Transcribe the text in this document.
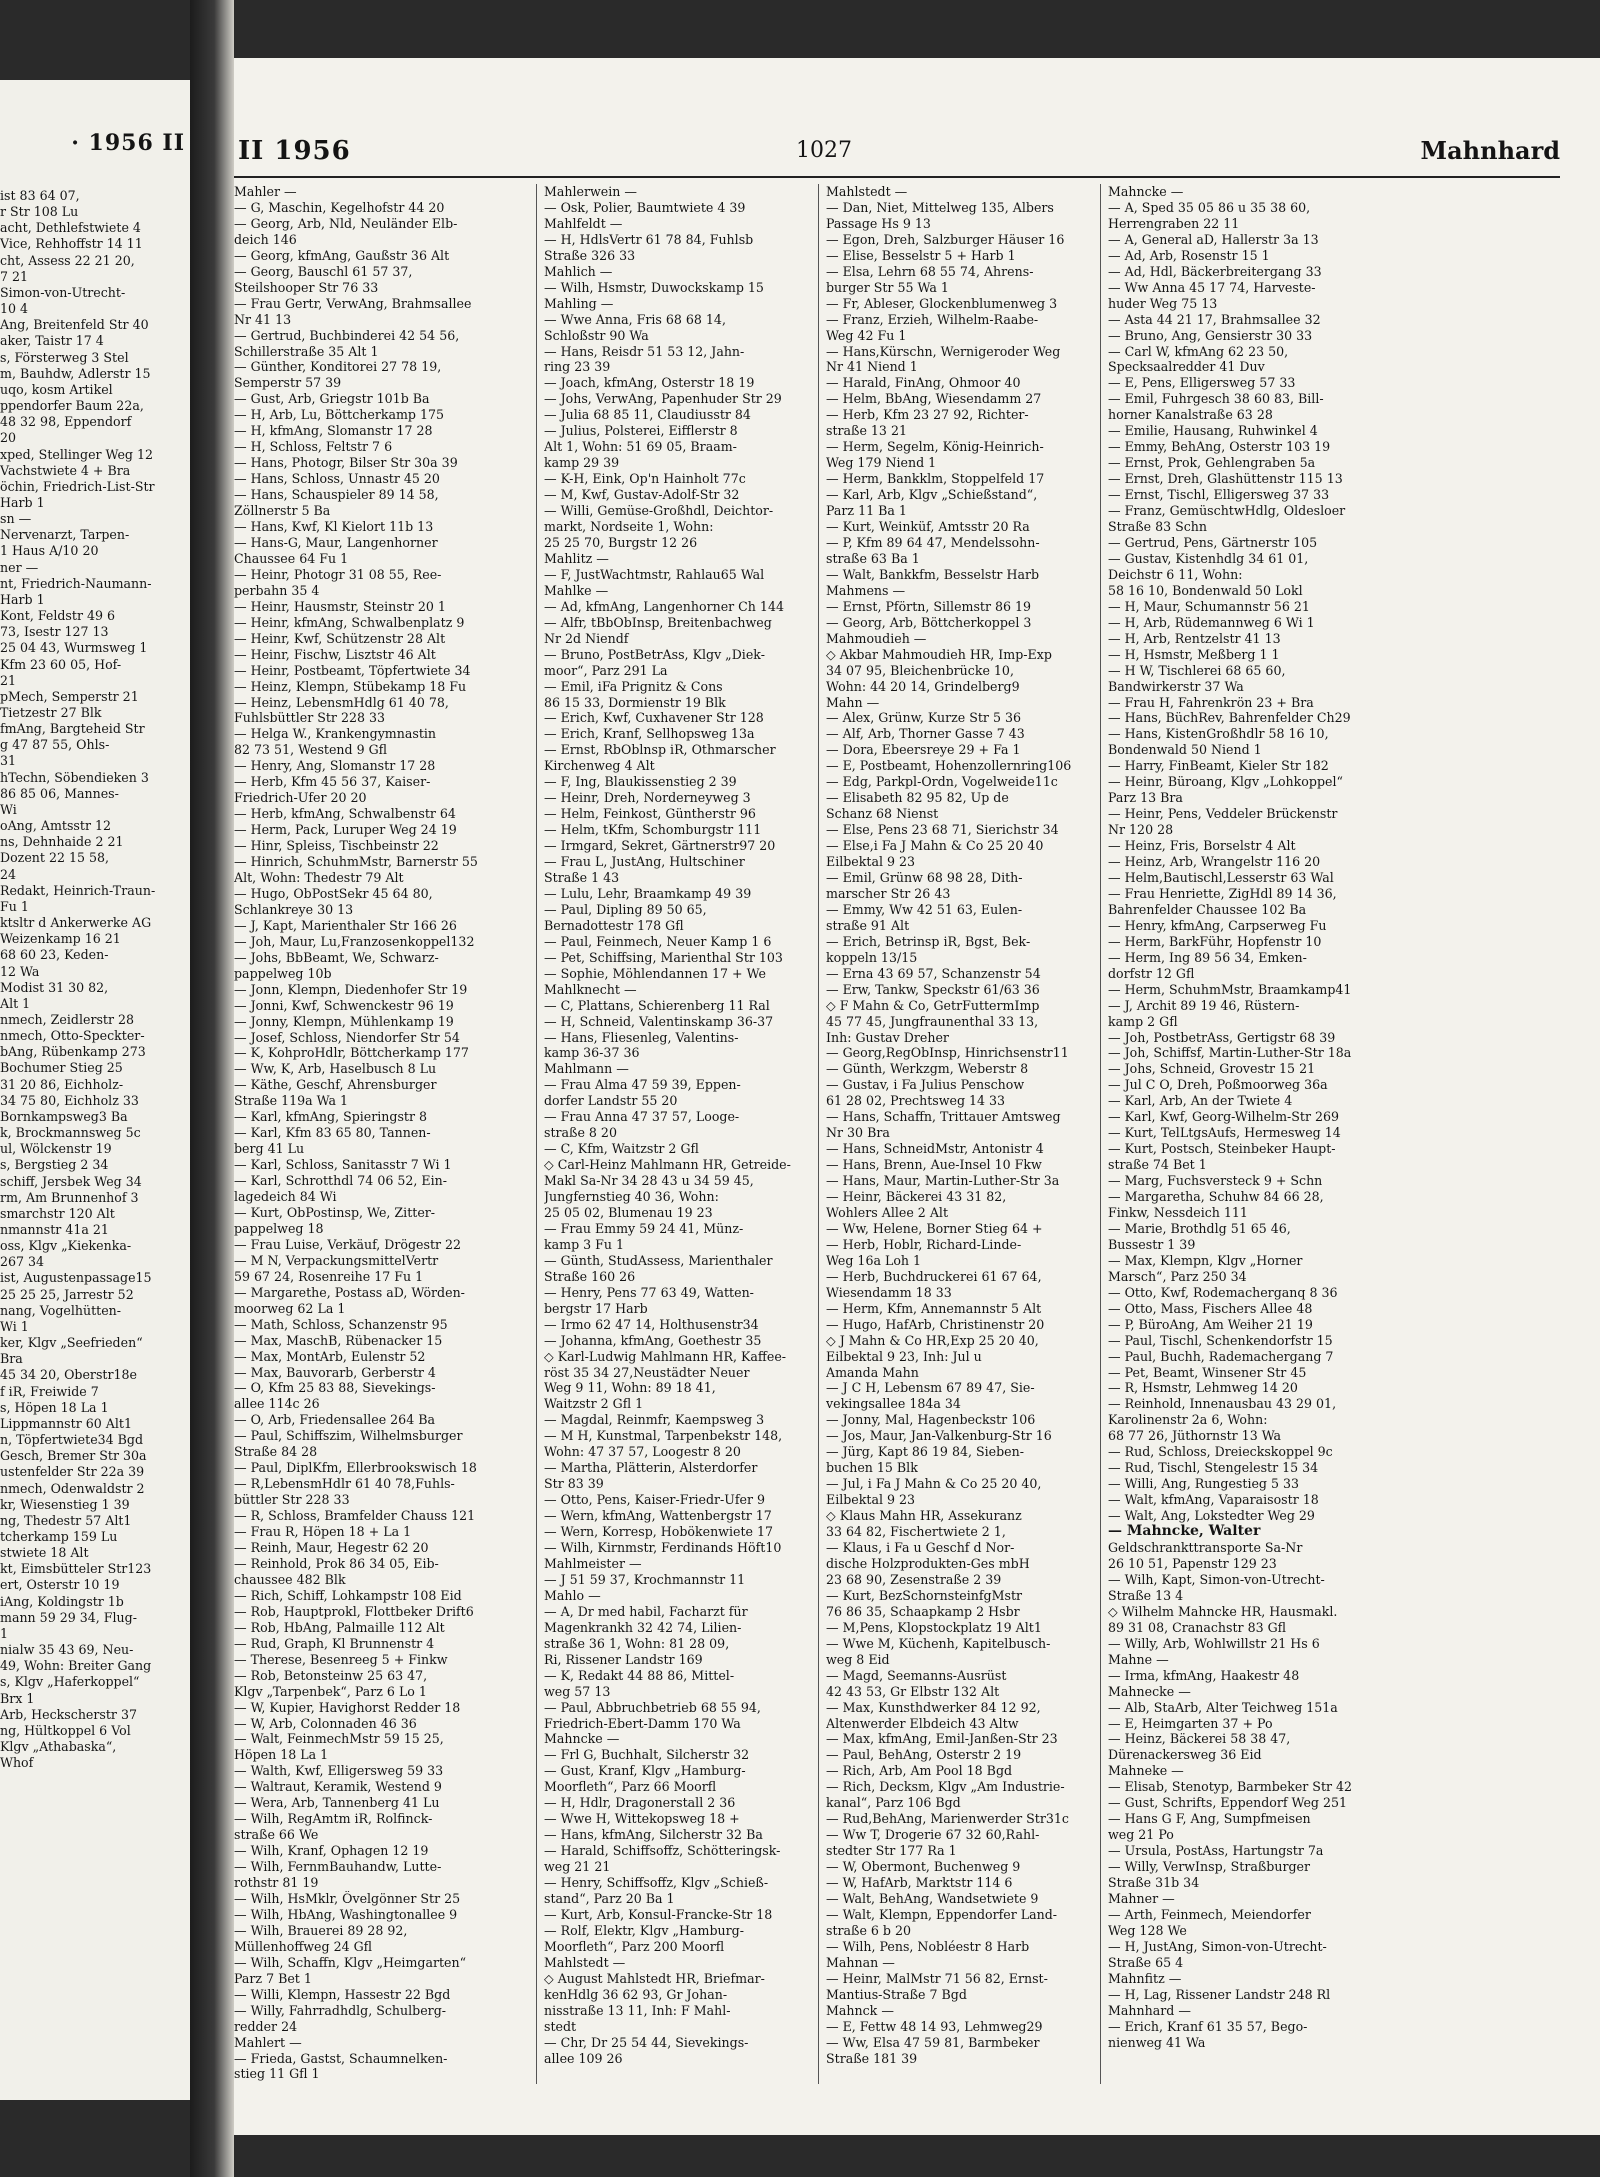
· 1956 II
ist 83 64 07,
r Str 108 Lu
acht, Dethlefstwiete 4
Vice, Rehhoffstr 14 11
cht, Assess 22 21 20,
7 21
Simon-von-Utrecht-
10 4
Ang, Breitenfeld Str 40
aker, Taistr 17 4
s, Försterweg 3 Stel
m, Bauhdw, Adlerstr 15
uqo, kosm Artikel
ppendorfer Baum 22a,
48 32 98, Eppendorf
20
xped, Stellinger Weg 12
Vachstwiete 4 + Bra
öchin, Friedrich-List-Str
Harb 1
sn —
Nervenarzt, Tarpen-
1 Haus A/10 20
ner —
nt, Friedrich-Naumann-
Harb 1
Kont, Feldstr 49 6
73, Isestr 127 13
25 04 43, Wurmsweg 1
Kfm 23 60 05, Hof-
21
pMech, Semperstr 21
Tietzestr 27 Blk
fmAng, Bargteheid Str
g 47 87 55, Ohls-
31
hTechn, Söbendieken 3
86 85 06, Mannes-
Wi
oAng, Amtsstr 12
ns, Dehnhaide 2 21
Dozent 22 15 58,
24
Redakt, Heinrich-Traun-
Fu 1
ktsltr d Ankerwerke AG
Weizenkamp 16 21
68 60 23, Keden-
12 Wa
Modist 31 30 82,
Alt 1
nmech, Zeidlerstr 28
nmech, Otto-Speckter-
bAng, Rübenkamp 273
Bochumer Stieg 25
31 20 86, Eichholz-
34 75 80, Eichholz 33
Bornkampsweg3 Ba
k, Brockmannsweg 5c
ul, Wölckenstr 19
s, Bergstieg 2 34
schiff, Jersbek Weg 34
rm, Am Brunnenhof 3
smarchstr 120 Alt
nmannstr 41a 21
oss, Klgv „Kiekenka-
267 34
ist, Augustenpassage15
25 25 25, Jarrestr 52
nang, Vogelhütten-
Wi 1
ker, Klgv „Seefrieden“
Bra
45 34 20, Oberstr18e
f iR, Freiwide 7
s, Höpen 18 La 1
Lippmannstr 60 Alt1
n, Töpfertwiete34 Bgd
Gesch, Bremer Str 30a
ustenfelder Str 22a 39
nmech, Odenwaldstr 2
kr, Wiesenstieg 1 39
ng, Thedestr 57 Alt1
tcherkamp 159 Lu
stwiete 18 Alt
kt, Eimsbütteler Str123
ert, Osterstr 10 19
iAng, Koldingstr 1b
mann 59 29 34, Flug-
1
nialw 35 43 69, Neu-
49, Wohn: Breiter Gang
s, Klgv „Haferkoppel“
Brx 1
Arb, Heckscherstr 37
ng, Hültkoppel 6 Vol
Klgv „Athabaska“,
Whof
II 1956	1027	Mahnhard
Mahler —
— G, Maschin, Kegelhofstr 44 20
— Georg, Arb, Nld, Neuländer Elb-
deich 146
— Georg, kfmAng, Gaußstr 36 Alt
— Georg, Bauschl 61 57 37,
Steilshooper Str 76 33
— Frau Gertr, VerwAng, Brahmsallee
Nr 41 13
— Gertrud, Buchbinderei 42 54 56,
Schillerstraße 35 Alt 1
— Günther, Konditorei 27 78 19,
Semperstr 57 39
— Gust, Arb, Griegstr 101b Ba
— H, Arb, Lu, Böttcherkamp 175
— H, kfmAng, Slomanstr 17 28
— H, Schloss, Feltstr 7 6
— Hans, Photogr, Bilser Str 30a 39
— Hans, Schloss, Unnastr 45 20
— Hans, Schauspieler 89 14 58,
Zöllnerstr 5 Ba
— Hans, Kwf, Kl Kielort 11b 13
— Hans-G, Maur, Langenhorner
Chaussee 64 Fu 1
— Heinr, Photogr 31 08 55, Ree-
perbahn 35 4
— Heinr, Hausmstr, Steinstr 20 1
— Heinr, kfmAng, Schwalbenplatz 9
— Heinr, Kwf, Schützenstr 28 Alt
— Heinr, Fischw, Lisztstr 46 Alt
— Heinr, Postbeamt, Töpfertwiete 34
— Heinz, Klempn, Stübekamp 18 Fu
— Heinz, LebensmHdlg 61 40 78,
Fuhlsbüttler Str 228 33
— Helga W., Krankengymnastin
82 73 51, Westend 9 Gfl
— Henry, Ang, Slomanstr 17 28
— Herb, Kfm 45 56 37, Kaiser-
Friedrich-Ufer 20 20
— Herb, kfmAng, Schwalbenstr 64
— Herm, Pack, Luruper Weg 24 19
— Hinr, Spleiss, Tischbeinstr 22
— Hinrich, SchuhmMstr, Barnerstr 55
Alt, Wohn: Thedestr 79 Alt
— Hugo, ObPostSekr 45 64 80,
Schlankreye 30 13
— J, Kapt, Marienthaler Str 166 26
— Joh, Maur, Lu,Franzosenkoppel132
— Johs, BbBeamt, We, Schwarz-
pappelweg 10b
— Jonn, Klempn, Diedenhofer Str 19
— Jonni, Kwf, Schwenckestr 96 19
— Jonny, Klempn, Mühlenkamp 19
— Josef, Schloss, Niendorfer Str 54
— K, KohproHdlr, Böttcherkamp 177
— Ww, K, Arb, Haselbusch 8 Lu
— Käthe, Geschf, Ahrensburger
Straße 119a Wa 1
— Karl, kfmAng, Spieringstr 8
— Karl, Kfm 83 65 80, Tannen-
berg 41 Lu
— Karl, Schloss, Sanitasstr 7 Wi 1
— Karl, Schrotthdl 74 06 52, Ein-
lagedeich 84 Wi
— Kurt, ObPostinsp, We, Zitter-
pappelweg 18
— Frau Luise, Verkäuf, Drögestr 22
— M N, VerpackungsmittelVertr
59 67 24, Rosenreihe 17 Fu 1
— Margarethe, Postass aD, Wörden-
moorweg 62 La 1
— Math, Schloss, Schanzenstr 95
— Max, MaschB, Rübenacker 15
— Max, MontArb, Eulenstr 52
— Max, Bauvorarb, Gerberstr 4
— O, Kfm 25 83 88, Sievekings-
allee 114c 26
— O, Arb, Friedensallee 264 Ba
— Paul, Schiffszim, Wilhelmsburger
Straße 84 28
— Paul, DiplKfm, Ellerbrookswisch 18
— R,LebensmHdlr 61 40 78,Fuhls-
büttler Str 228 33
— R, Schloss, Bramfelder Chauss 121
— Frau R, Höpen 18 + La 1
— Reinh, Maur, Hegestr 62 20
— Reinhold, Prok 86 34 05, Eib-
chaussee 482 Blk
— Rich, Schiff, Lohkampstr 108 Eid
— Rob, Hauptprokl, Flottbeker Drift6
— Rob, HbAng, Palmaille 112 Alt
— Rud, Graph, Kl Brunnenstr 4
— Therese, Besenreeg 5 + Finkw
— Rob, Betonsteinw 25 63 47,
Klgv „Tarpenbek“, Parz 6 Lo 1
— W, Kupier, Havighorst Redder 18
— W, Arb, Colonnaden 46 36
— Walt, FeinmechMstr 59 15 25,
Höpen 18 La 1
— Walth, Kwf, Elligersweg 59 33
— Waltraut, Keramik, Westend 9
— Wera, Arb, Tannenberg 41 Lu
— Wilh, RegAmtm iR, Rolfinck-
straße 66 We
— Wilh, Kranf, Ophagen 12 19
— Wilh, FernmBauhandw, Lutte-
rothstr 81 19
— Wilh, HsMklr, Övelgönner Str 25
— Wilh, HbAng, Washingtonallee 9
— Wilh, Brauerei 89 28 92,
Müllenhoffweg 24 Gfl
— Wilh, Schaffn, Klgv „Heimgarten“
Parz 7 Bet 1
— Willi, Klempn, Hassestr 22 Bgd
— Willy, Fahrradhdlg, Schulberg-
redder 24
Mahlert —
— Frieda, Gastst, Schaumnelken-
stieg 11 Gfl 1
Mahlerwein —
— Osk, Polier, Baumtwiete 4 39
Mahlfeldt —
— H, HdlsVertr 61 78 84, Fuhlsb
Straße 326 33
Mahlich —
— Wilh, Hsmstr, Duwockskamp 15
Mahling —
— Wwe Anna, Fris 68 68 14,
Schloßstr 90 Wa
— Hans, Reisdr 51 53 12, Jahn-
ring 23 39
— Joach, kfmAng, Osterstr 18 19
— Johs, VerwAng, Papenhuder Str 29
— Julia 68 85 11, Claudiusstr 84
— Julius, Polsterei, Eifflerstr 8
Alt 1, Wohn: 51 69 05, Braam-
kamp 29 39
— K-H, Eink, Op'n Hainholt 77c
— M, Kwf, Gustav-Adolf-Str 32
— Willi, Gemüse-Großhdl, Deichtor-
markt, Nordseite 1, Wohn:
25 25 70, Burgstr 12 26
Mahlitz —
— F, JustWachtmstr, Rahlau65 Wal
Mahlke —
— Ad, kfmAng, Langenhorner Ch 144
— Alfr, tBbObInsp, Breitenbachweg
Nr 2d Niendf
— Bruno, PostBetrAss, Klgv „Diek-
moor“, Parz 291 La
— Emil, iFa Prignitz & Cons
86 15 33, Dormienstr 19 Blk
— Erich, Kwf, Cuxhavener Str 128
— Erich, Kranf, Sellhopsweg 13a
— Ernst, RbOblnsp iR, Othmarscher
Kirchenweg 4 Alt
— F, Ing, Blaukissenstieg 2 39
— Heinr, Dreh, Norderneyweg 3
— Helm, Feinkost, Güntherstr 96
— Helm, tKfm, Schomburgstr 111
— Irmgard, Sekret, Gärtnerstr97 20
— Frau L, JustAng, Hultschiner
Straße 1 43
— Lulu, Lehr, Braamkamp 49 39
— Paul, Dipling 89 50 65,
Bernadottestr 178 Gfl
— Paul, Feinmech, Neuer Kamp 1 6
— Pet, Schiffsing, Marienthal Str 103
— Sophie, Möhlendannen 17 + We
Mahlknecht —
— C, Plattans, Schierenberg 11 Ral
— H, Schneid, Valentinskamp 36-37
— Hans, Fliesenleg, Valentins-
kamp 36-37 36
Mahlmann —
— Frau Alma 47 59 39, Eppen-
dorfer Landstr 55 20
— Frau Anna 47 37 57, Looge-
straße 8 20
— C, Kfm, Waitzstr 2 Gfl
◇ Carl-Heinz Mahlmann HR, Getreide-
Makl Sa-Nr 34 28 43 u 34 59 45,
Jungfernstieg 40 36, Wohn:
25 05 02, Blumenau 19 23
— Frau Emmy 59 24 41, Münz-
kamp 3 Fu 1
— Günth, StudAssess, Marienthaler
Straße 160 26
— Henry, Pens 77 63 49, Watten-
bergstr 17 Harb
— Irmo 62 47 14, Holthusenstr34
— Johanna, kfmAng, Goethestr 35
◇ Karl-Ludwig Mahlmann HR, Kaffee-
röst 35 34 27,Neustädter Neuer
Weg 9 11, Wohn: 89 18 41,
Waitzstr 2 Gfl 1
— Magdal, Reinmfr, Kaempsweg 3
— M H, Kunstmal, Tarpenbekstr 148,
Wohn: 47 37 57, Loogestr 8 20
— Martha, Plätterin, Alsterdorfer
Str 83 39
— Otto, Pens, Kaiser-Friedr-Ufer 9
— Wern, kfmAng, Wattenbergstr 17
— Wern, Korresp, Hobökenwiete 17
— Wilh, Kirnmstr, Ferdinands Höft10
Mahlmeister —
— J 51 59 37, Krochmannstr 11
Mahlo —
— A, Dr med habil, Facharzt für
Magenkrankh 32 42 74, Lilien-
straße 36 1, Wohn: 81 28 09,
Ri, Rissener Landstr 169
— K, Redakt 44 88 86, Mittel-
weg 57 13
— Paul, Abbruchbetrieb 68 55 94,
Friedrich-Ebert-Damm 170 Wa
Mahncke —
— Frl G, Buchhalt, Silcherstr 32
— Gust, Kranf, Klgv „Hamburg-
Moorfleth“, Parz 66 Moorfl
— H, Hdlr, Dragonerstall 2 36
— Wwe H, Wittekopsweg 18 +
— Hans, kfmAng, Silcherstr 32 Ba
— Harald, Schiffsoffz, Schötteringsk-
weg 21 21
— Henry, Schiffsoffz, Klgv „Schieß-
stand“, Parz 20 Ba 1
— Kurt, Arb, Konsul-Francke-Str 18
— Rolf, Elektr, Klgv „Hamburg-
Moorfleth“, Parz 200 Moorfl
Mahlstedt —
◇ August Mahlstedt HR, Briefmar-
kenHdlg 36 62 93, Gr Johan-
nisstraße 13 11, Inh: F Mahl-
stedt
— Chr, Dr 25 54 44, Sievekings-
allee 109 26
Mahlstedt —
— Dan, Niet, Mittelweg 135, Albers
Passage Hs 9 13
— Egon, Dreh, Salzburger Häuser 16
— Elise, Besselstr 5 + Harb 1
— Elsa, Lehrn 68 55 74, Ahrens-
burger Str 55 Wa 1
— Fr, Ableser, Glockenblumenweg 3
— Franz, Erzieh, Wilhelm-Raabe-
Weg 42 Fu 1
— Hans,Kürschn, Wernigeroder Weg
Nr 41 Niend 1
— Harald, FinAng, Ohmoor 40
— Helm, BbAng, Wiesendamm 27
— Herb, Kfm 23 27 92, Richter-
straße 13 21
— Herm, Segelm, König-Heinrich-
Weg 179 Niend 1
— Herm, Bankklm, Stoppelfeld 17
— Karl, Arb, Klgv „Schießstand“,
Parz 11 Ba 1
— Kurt, Weinküf, Amtsstr 20 Ra
— P, Kfm 89 64 47, Mendelssohn-
straße 63 Ba 1
— Walt, Bankkfm, Besselstr Harb
Mahmens —
— Ernst, Pförtn, Sillemstr 86 19
— Georg, Arb, Böttcherkoppel 3
Mahmoudieh —
◇ Akbar Mahmoudieh HR, Imp-Exp
34 07 95, Bleichenbrücke 10,
Wohn: 44 20 14, Grindelberg9
Mahn —
— Alex, Grünw, Kurze Str 5 36
— Alf, Arb, Thorner Gasse 7 43
— Dora, Ebeersreye 29 + Fa 1
— E, Postbeamt, Hohenzollernring106
— Edg, Parkpl-Ordn, Vogelweide11c
— Elisabeth 82 95 82, Up de
Schanz 68 Nienst
— Else, Pens 23 68 71, Sierichstr 34
— Else,i Fa J Mahn & Co 25 20 40
Eilbektal 9 23
— Emil, Grünw 68 98 28, Dith-
marscher Str 26 43
— Emmy, Ww 42 51 63, Eulen-
straße 91 Alt
— Erich, Betrinsp iR, Bgst, Bek-
koppeln 13/15
— Erna 43 69 57, Schanzenstr 54
— Erw, Tankw, Speckstr 61/63 36
◇ F Mahn & Co, GetrFuttermImp
45 77 45, Jungfraunenthal 33 13,
Inh: Gustav Dreher
— Georg,RegObInsp, Hinrichsenstr11
— Günth, Werkzgm, Weberstr 8
— Gustav, i Fa Julius Penschow
61 28 02, Prechtsweg 14 33
— Hans, Schaffn, Trittauer Amtsweg
Nr 30 Bra
— Hans, SchneidMstr, Antonistr 4
— Hans, Brenn, Aue-Insel 10 Fkw
— Hans, Maur, Martin-Luther-Str 3a
— Heinr, Bäckerei 43 31 82,
Wohlers Allee 2 Alt
— Ww, Helene, Borner Stieg 64 +
— Herb, Hoblr, Richard-Linde-
Weg 16a Loh 1
— Herb, Buchdruckerei 61 67 64,
Wiesendamm 18 33
— Herm, Kfm, Annemannstr 5 Alt
— Hugo, HafArb, Christinenstr 20
◇ J Mahn & Co HR,Exp 25 20 40,
Eilbektal 9 23, Inh: Jul u
Amanda Mahn
— J C H, Lebensm 67 89 47, Sie-
vekingsallee 184a 34
— Jonny, Mal, Hagenbeckstr 106
— Jos, Maur, Jan-Valkenburg-Str 16
— Jürg, Kapt 86 19 84, Sieben-
buchen 15 Blk
— Jul, i Fa J Mahn & Co 25 20 40,
Eilbektal 9 23
◇ Klaus Mahn HR, Assekuranz
33 64 82, Fischertwiete 2 1,
— Klaus, i Fa u Geschf d Nor-
dische Holzprodukten-Ges mbH
23 68 90, Zesenstraße 2 39
— Kurt, BezSchornsteinfgMstr
76 86 35, Schaapkamp 2 Hsbr
— M,Pens, Klopstockplatz 19 Alt1
— Wwe M, Küchenh, Kapitelbusch-
weg 8 Eid
— Magd, Seemanns-Ausrüst
42 43 53, Gr Elbstr 132 Alt
— Max, Kunsthdwerker 84 12 92,
Altenwerder Elbdeich 43 Altw
— Max, kfmAng, Emil-Janßen-Str 23
— Paul, BehAng, Osterstr 2 19
— Rich, Arb, Am Pool 18 Bgd
— Rich, Decksm, Klgv „Am Industrie-
kanal“, Parz 106 Bgd
— Rud,BehAng, Marienwerder Str31c
— Ww T, Drogerie 67 32 60,Rahl-
stedter Str 177 Ra 1
— W, Obermont, Buchenweg 9
— W, HafArb, Marktstr 114 6
— Walt, BehAng, Wandsetwiete 9
— Walt, Klempn, Eppendorfer Land-
straße 6 b 20
— Wilh, Pens, Nobléestr 8 Harb
Mahnan —
— Heinr, MalMstr 71 56 82, Ernst-
Mantius-Straße 7 Bgd
Mahnck —
— E, Fettw 48 14 93, Lehmweg29
— Ww, Elsa 47 59 81, Barmbeker
Straße 181 39
Mahncke —
— A, Sped 35 05 86 u 35 38 60,
Herrengraben 22 11
— A, General aD, Hallerstr 3a 13
— Ad, Arb, Rosenstr 15 1
— Ad, Hdl, Bäckerbreitergang 33
— Ww Anna 45 17 74, Harveste-
huder Weg 75 13
— Asta 44 21 17, Brahmsallee 32
— Bruno, Ang, Gensierstr 30 33
— Carl W, kfmAng 62 23 50,
Specksaalredder 41 Duv
— E, Pens, Elligersweg 57 33
— Emil, Fuhrgesch 38 60 83, Bill-
horner Kanalstraße 63 28
— Emilie, Hausang, Ruhwinkel 4
— Emmy, BehAng, Osterstr 103 19
— Ernst, Prok, Gehlengraben 5a
— Ernst, Dreh, Glashüttenstr 115 13
— Ernst, Tischl, Elligersweg 37 33
— Franz, GemüschtwHdlg, Oldesloer
Straße 83 Schn
— Gertrud, Pens, Gärtnerstr 105
— Gustav, Kistenhdlg 34 61 01,
Deichstr 6 11, Wohn:
58 16 10, Bondenwald 50 Lokl
— H, Maur, Schumannstr 56 21
— H, Arb, Rüdemannweg 6 Wi 1
— H, Arb, Rentzelstr 41 13
— H, Hsmstr, Meßberg 1 1
— H W, Tischlerei 68 65 60,
Bandwirkerstr 37 Wa
— Frau H, Fahrenkrön 23 + Bra
— Hans, BüchRev, Bahrenfelder Ch29
— Hans, KistenGroßhdlr 58 16 10,
Bondenwald 50 Niend 1
— Harry, FinBeamt, Kieler Str 182
— Heinr, Büroang, Klgv „Lohkoppel“
Parz 13 Bra
— Heinr, Pens, Veddeler Brückenstr
Nr 120 28
— Heinz, Fris, Borselstr 4 Alt
— Heinz, Arb, Wrangelstr 116 20
— Helm,Bautischl,Lesserstr 63 Wal
— Frau Henriette, ZigHdl 89 14 36,
Bahrenfelder Chaussee 102 Ba
— Henry, kfmAng, Carpserweg Fu
— Herm, BarkFühr, Hopfenstr 10
— Herm, Ing 89 56 34, Emken-
dorfstr 12 Gfl
— Herm, SchuhmMstr, Braamkamp41
— J, Archit 89 19 46, Rüstern-
kamp 2 Gfl
— Joh, PostbetrAss, Gertigstr 68 39
— Joh, Schiffsf, Martin-Luther-Str 18a
— Johs, Schneid, Grovestr 15 21
— Jul C O, Dreh, Poßmoorweg 36a
— Karl, Arb, An der Twiete 4
— Karl, Kwf, Georg-Wilhelm-Str 269
— Kurt, TelLtgsAufs, Hermesweg 14
— Kurt, Postsch, Steinbeker Haupt-
straße 74 Bet 1
— Marg, Fuchsversteck 9 + Schn
— Margaretha, Schuhw 84 66 28,
Finkw, Nessdeich 111
— Marie, Brothdlg 51 65 46,
Bussestr 1 39
— Max, Klempn, Klgv „Horner
Marsch“, Parz 250 34
— Otto, Kwf, Rodemacherganq 8 36
— Otto, Mass, Fischers Allee 48
— P, BüroAng, Am Weiher 21 19
— Paul, Tischl, Schenkendorfstr 15
— Paul, Buchh, Rademachergang 7
— Pet, Beamt, Winsener Str 45
— R, Hsmstr, Lehmweg 14 20
— Reinhold, Innenausbau 43 29 01,
Karolinenstr 2a 6, Wohn:
68 77 26, Jüthornstr 13 Wa
— Rud, Schloss, Dreieckskoppel 9c
— Rud, Tischl, Stengelestr 15 34
— Willi, Ang, Rungestieg 5 33
— Walt, kfmAng, Vaparaisostr 18
— Walt, Ang, Lokstedter Weg 29
— Mahncke, Walter
Geldschrankttransporte Sa-Nr
26 10 51, Papenstr 129 23
— Wilh, Kapt, Simon-von-Utrecht-
Straße 13 4
◇ Wilhelm Mahncke HR, Hausmakl.
89 31 08, Cranachstr 83 Gfl
— Willy, Arb, Wohlwillstr 21 Hs 6
Mahne —
— Irma, kfmAng, Haakestr 48
Mahnecke —
— Alb, StaArb, Alter Teichweg 151a
— E, Heimgarten 37 + Po
— Heinz, Bäckerei 58 38 47,
Dürenackersweg 36 Eid
Mahneke —
— Elisab, Stenotyp, Barmbeker Str 42
— Gust, Schrifts, Eppendorf Weg 251
— Hans G F, Ang, Sumpfmeisen
weg 21 Po
— Ursula, PostAss, Hartungstr 7a
— Willy, VerwInsp, Straßburger
Straße 31b 34
Mahner —
— Arth, Feinmech, Meiendorfer
Weg 128 We
— H, JustAng, Simon-von-Utrecht-
Straße 65 4
Mahnfitz —
— H, Lag, Rissener Landstr 248 Rl
Mahnhard —
— Erich, Kranf 61 35 57, Bego-
nienweg 41 Wa
